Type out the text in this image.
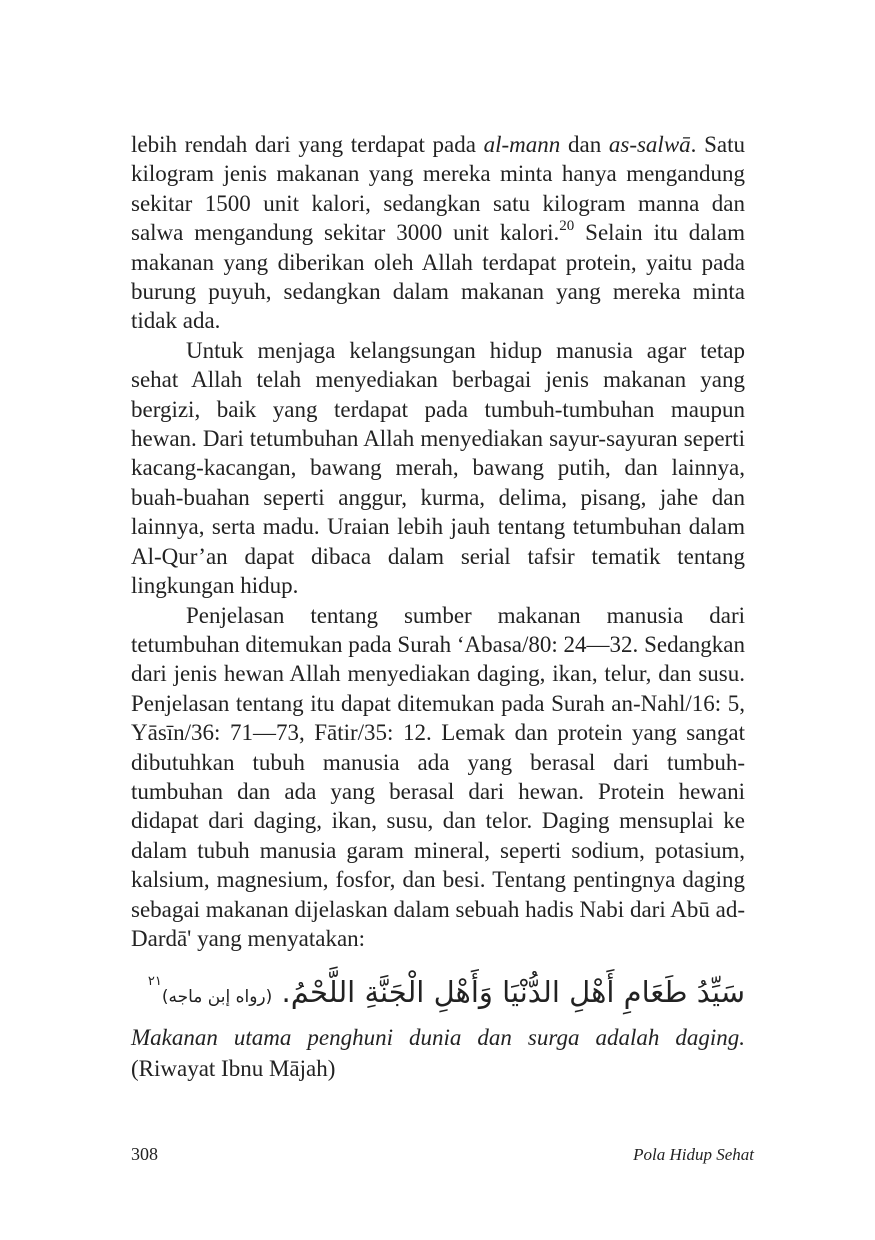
lebih rendah dari yang terdapat pada al-mann dan as-salwā. Satu kilogram jenis makanan yang mereka minta hanya mengandung sekitar 1500 unit kalori, sedangkan satu kilogram manna dan salwa mengandung sekitar 3000 unit kalori.$^{20}$ Selain itu dalam makanan yang diberikan oleh Allah terdapat protein, yaitu pada burung puyuh, sedangkan dalam makanan yang mereka minta tidak ada.

Untuk menjaga kelangsungan hidup manusia agar tetap sehat Allah telah menyediakan berbagai jenis makanan yang bergizi, baik yang terdapat pada tumbuh-tumbuhan maupun hewan. Dari tetumbuhan Allah menyediakan sayur-sayuran seperti kacang-kacangan, bawang merah, bawang putih, dan lainnya, buah-buahan seperti anggur, kurma, delima, pisang, jahe dan lainnya, serta madu. Uraian lebih jauh tentang tetumbuhan dalam Al-Qur’an dapat dibaca dalam serial tafsir tematik tentang lingkungan hidup.

Penjelasan tentang sumber makanan manusia dari tetumbuhan ditemukan pada Surah ‘Abasa/80: 24—32. Sedangkan dari jenis hewan Allah menyediakan daging, ikan, telur, dan susu. Penjelasan tentang itu dapat ditemukan pada Surah an-Nahl/16: 5, Yāsīn/36: 71—73, Fātir/35: 12. Lemak dan protein yang sangat dibutuhkan tubuh manusia ada yang berasal dari tumbuh-tumbuhan dan ada yang berasal dari hewan. Protein hewani didapat dari daging, ikan, susu, dan telor. Daging mensuplai ke dalam tubuh manusia garam mineral, seperti sodium, potasium, kalsium, magnesium, fosfor, dan besi. Tentang pentingnya daging sebagai makanan dijelaskan dalam sebuah hadis Nabi dari Abū ad-Dardā' yang menyatakan:

سَيِّدُ طَعَامِ أَهْلِ الدُّنْيَا وَأَهْلِ الْجَنَّةِ اللَّحْمُ. (رواه إبن ماجه)$^{٢١}$

Makanan utama penghuni dunia dan surga adalah daging. (Riwayat Ibnu Mājah)

308	Pola Hidup Sehat
